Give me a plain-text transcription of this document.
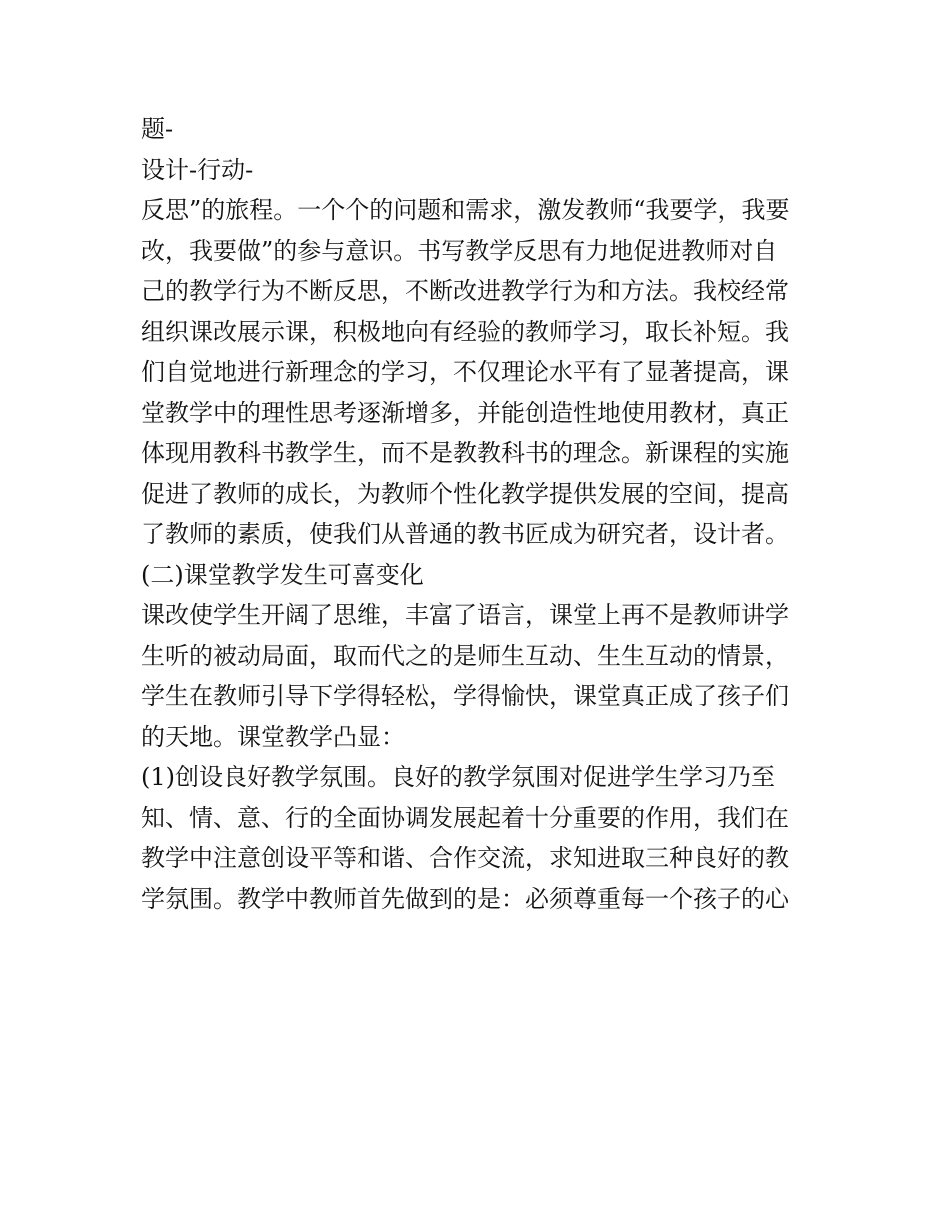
题-
设计-行动-
反思”的旅程。一个个的问题和需求，激发教师“我要学，我要
改，我要做”的参与意识。书写教学反思有力地促进教师对自
己的教学行为不断反思，不断改进教学行为和方法。我校经常
组织课改展示课，积极地向有经验的教师学习，取长补短。我
们自觉地进行新理念的学习，不仅理论水平有了显著提高，课
堂教学中的理性思考逐渐增多，并能创造性地使用教材，真正
体现用教科书教学生，而不是教教科书的理念。新课程的实施
促进了教师的成长，为教师个性化教学提供发展的空间，提高
了教师的素质，使我们从普通的教书匠成为研究者，设计者。
(二)课堂教学发生可喜变化
课改使学生开阔了思维，丰富了语言，课堂上再不是教师讲学
生听的被动局面，取而代之的是师生互动、生生互动的情景，
学生在教师引导下学得轻松，学得愉快，课堂真正成了孩子们
的天地。课堂教学凸显：
(1)创设良好教学氛围。良好的教学氛围对促进学生学习乃至
知、情、意、行的全面协调发展起着十分重要的作用，我们在
教学中注意创设平等和谐、合作交流，求知进取三种良好的教
学氛围。教学中教师首先做到的是：必须尊重每一个孩子的心
